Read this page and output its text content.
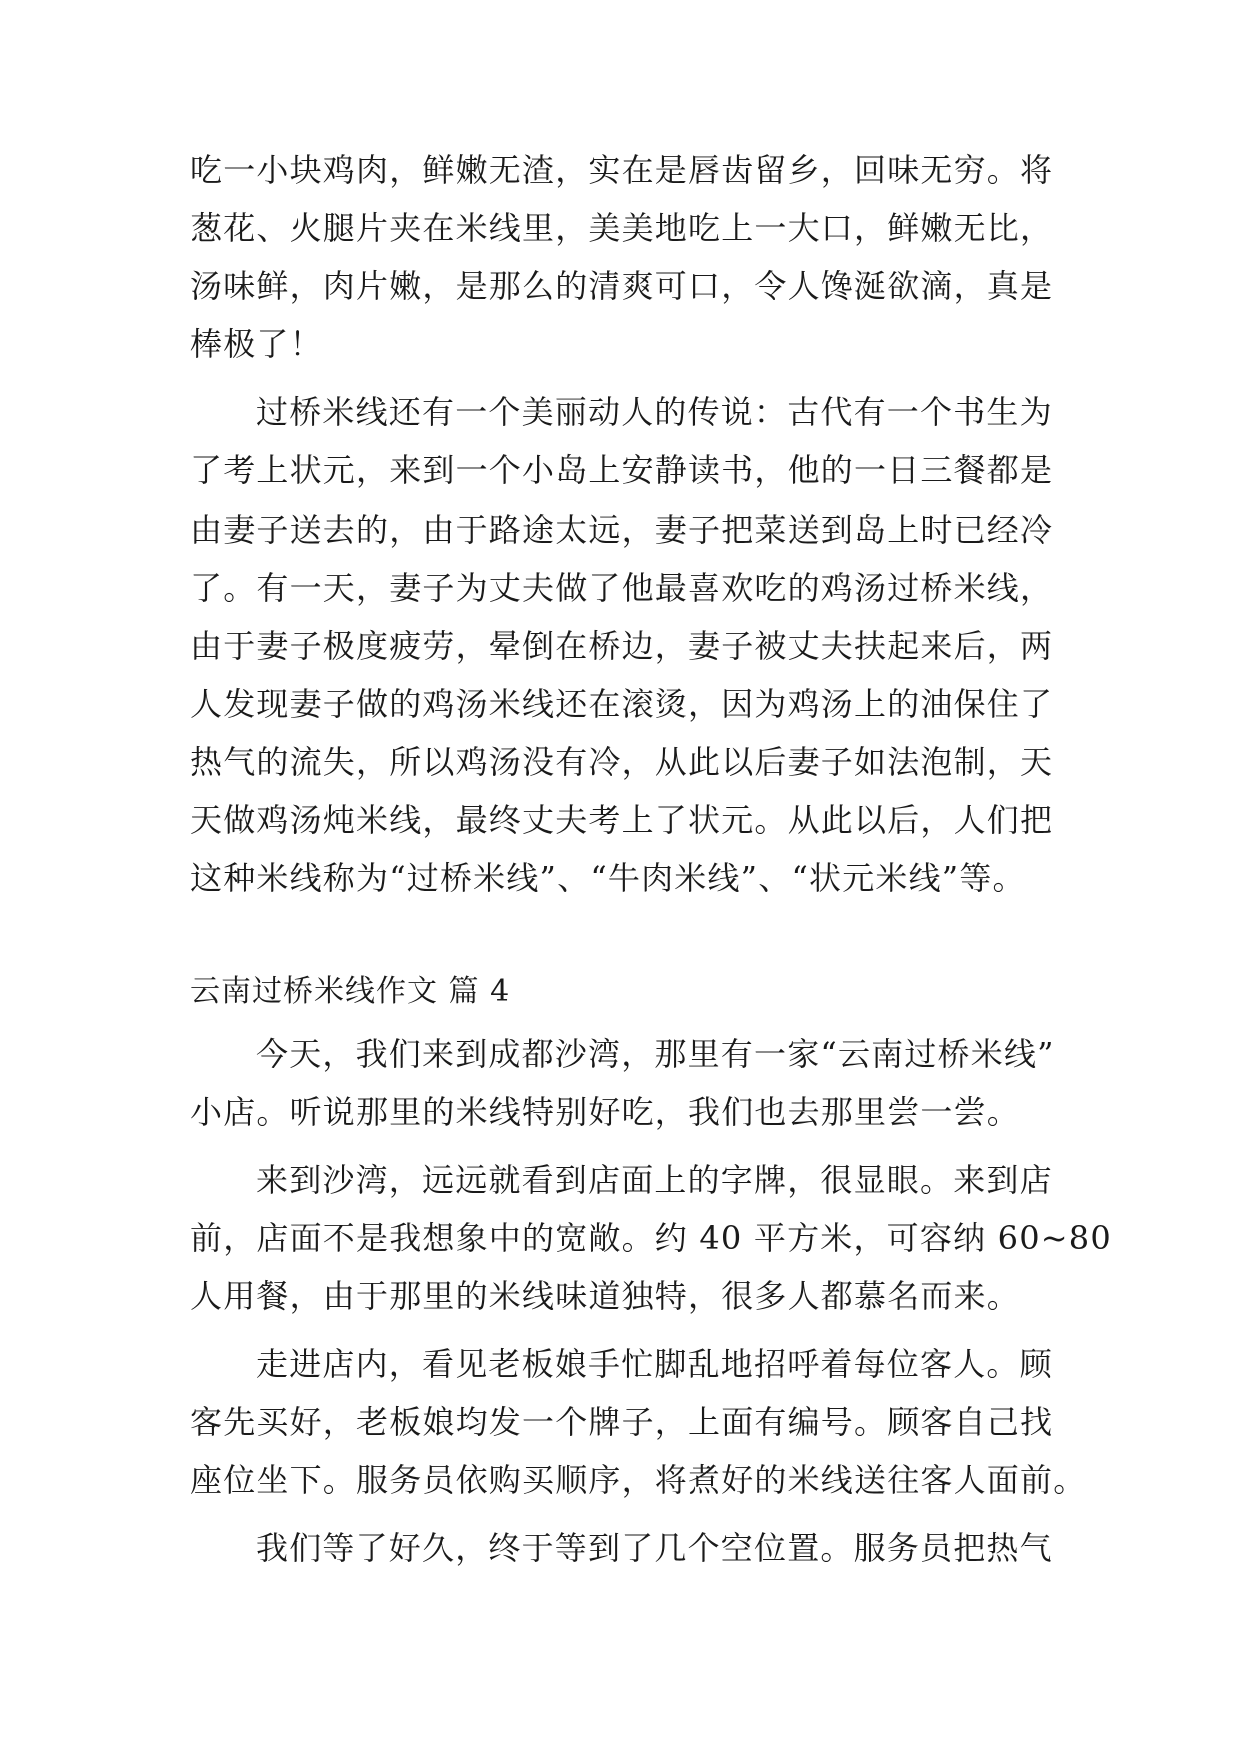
吃一小块鸡肉，鲜嫩无渣，实在是唇齿留乡，回味无穷。将
葱花、火腿片夹在米线里，美美地吃上一大口，鲜嫩无比，
汤味鲜，肉片嫩，是那么的清爽可口，令人馋涎欲滴，真是
棒极了！
过桥米线还有一个美丽动人的传说：古代有一个书生为
了考上状元，来到一个小岛上安静读书，他的一日三餐都是
由妻子送去的，由于路途太远，妻子把菜送到岛上时已经冷
了。有一天，妻子为丈夫做了他最喜欢吃的鸡汤过桥米线，
由于妻子极度疲劳，晕倒在桥边，妻子被丈夫扶起来后，两
人发现妻子做的鸡汤米线还在滚烫，因为鸡汤上的油保住了
热气的流失，所以鸡汤没有冷，从此以后妻子如法泡制，天
天做鸡汤炖米线，最终丈夫考上了状元。从此以后，人们把
这种米线称为“过桥米线”、“牛肉米线”、“状元米线”等。
云南过桥米线作文 篇 4
今天，我们来到成都沙湾，那里有一家“云南过桥米线”
小店。听说那里的米线特别好吃，我们也去那里尝一尝。
来到沙湾，远远就看到店面上的字牌，很显眼。来到店
前，店面不是我想象中的宽敞。约 40 平方米，可容纳 60~80
人用餐，由于那里的米线味道独特，很多人都慕名而来。
走进店内，看见老板娘手忙脚乱地招呼着每位客人。顾
客先买好，老板娘均发一个牌子，上面有编号。顾客自己找
座位坐下。服务员依购买顺序，将煮好的米线送往客人面前。
我们等了好久，终于等到了几个空位置。服务员把热气
